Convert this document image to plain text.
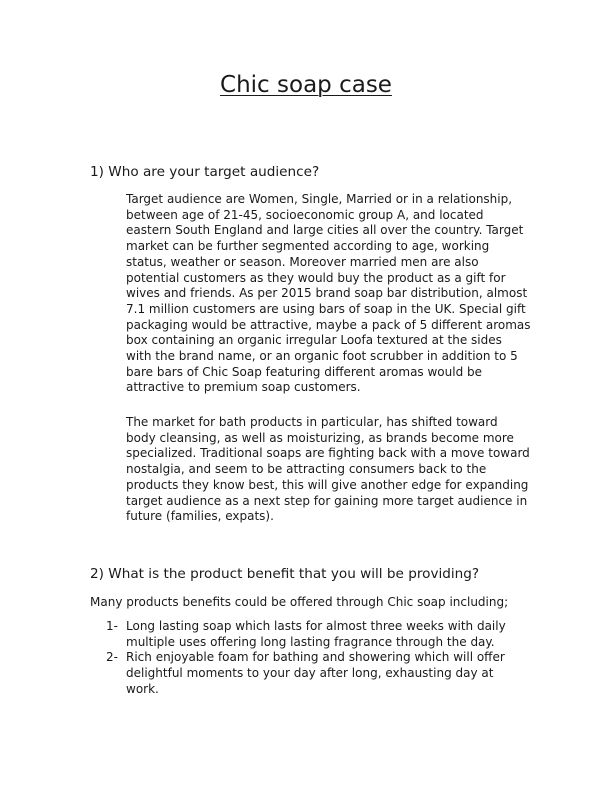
Chic soap case
1) Who are your target audience?

Target audience are Women, Single, Married or in a relationship, between age of 21-45, socioeconomic group A, and located eastern South England and large cities all over the country. Target market can be further segmented according to age, working status, weather or season. Moreover married men are also potential customers as they would buy the product as a gift for wives and friends. As per 2015 brand soap bar distribution, almost 7.1 million customers are using bars of soap in the UK. Special gift packaging would be attractive, maybe a pack of 5 different aromas box containing an organic irregular Loofa textured at the sides with the brand name, or an organic foot scrubber in addition to 5 bare bars of Chic Soap featuring different aromas would be attractive to premium soap customers.

The market for bath products in particular, has shifted toward body cleansing, as well as moisturizing, as brands become more specialized. Traditional soaps are fighting back with a move toward nostalgia, and seem to be attracting consumers back to the products they know best, this will give another edge for expanding target audience as a next step for gaining more target audience in future (families, expats).

2) What is the product benefit that you will be providing?

Many products benefits could be offered through Chic soap including;

1- Long lasting soap which lasts for almost three weeks with daily multiple uses offering long lasting fragrance through the day.
2- Rich enjoyable foam for bathing and showering which will offer delightful moments to your day after long, exhausting day at work.
